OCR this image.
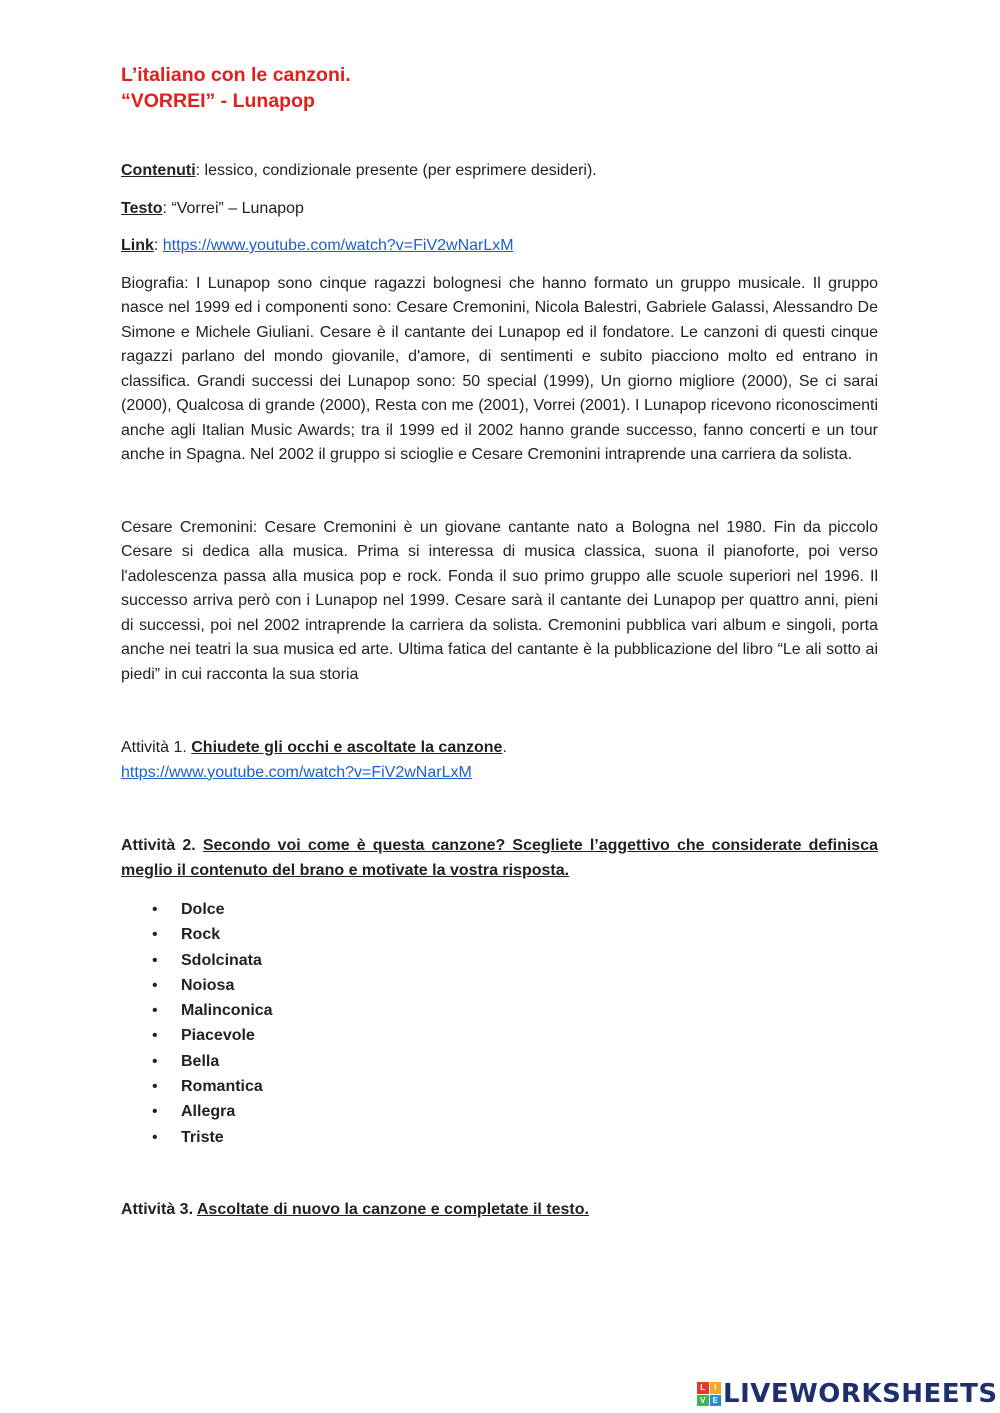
L’italiano con le canzoni.
“VORREI” - Lunapop

Contenuti: lessico, condizionale presente (per esprimere desideri).

Testo: “Vorrei” – Lunapop

Link: https://www.youtube.com/watch?v=FiV2wNarLxM

Biografia: I Lunapop sono cinque ragazzi bolognesi che hanno formato un gruppo musicale. Il gruppo nasce nel 1999 ed i componenti sono: Cesare Cremonini, Nicola Balestri, Gabriele Galassi, Alessandro De Simone e Michele Giuliani. Cesare è il cantante dei Lunapop ed il fondatore. Le canzoni di questi cinque ragazzi parlano del mondo giovanile, d'amore, di sentimenti e subito piacciono molto ed entrano in classifica. Grandi successi dei Lunapop sono: 50 special (1999), Un giorno migliore (2000), Se ci sarai (2000), Qualcosa di grande (2000), Resta con me (2001), Vorrei (2001). I Lunapop ricevono riconoscimenti anche agli Italian Music Awards; tra il 1999 ed il 2002 hanno grande successo, fanno concerti e un tour anche in Spagna. Nel 2002 il gruppo si scioglie e Cesare Cremonini intraprende una carriera da solista.

Cesare Cremonini: Cesare Cremonini è un giovane cantante nato a Bologna nel 1980. Fin da piccolo Cesare si dedica alla musica. Prima si interessa di musica classica, suona il pianoforte, poi verso l'adolescenza passa alla musica pop e rock. Fonda il suo primo gruppo alle scuole superiori nel 1996. Il successo arriva però con i Lunapop nel 1999. Cesare sarà il cantante dei Lunapop per quattro anni, pieni di successi, poi nel 2002 intraprende la carriera da solista. Cremonini pubblica vari album e singoli, porta anche nei teatri la sua musica ed arte. Ultima fatica del cantante è la pubblicazione del libro “Le ali sotto ai piedi” in cui racconta la sua storia

Attività 1. Chiudete gli occhi e ascoltate la canzone.
https://www.youtube.com/watch?v=FiV2wNarLxM

Attività 2. Secondo voi come è questa canzone? Scegliete l’aggettivo che considerate definisca meglio il contenuto del brano e motivate la vostra risposta.

• Dolce
• Rock
• Sdolcinata
• Noiosa
• Malinconica
• Piacevole
• Bella
• Romantica
• Allegra
• Triste

Attività 3. Ascoltate di nuovo la canzone e completate il testo.

L	I
V E LIVEWORKSHEETS
